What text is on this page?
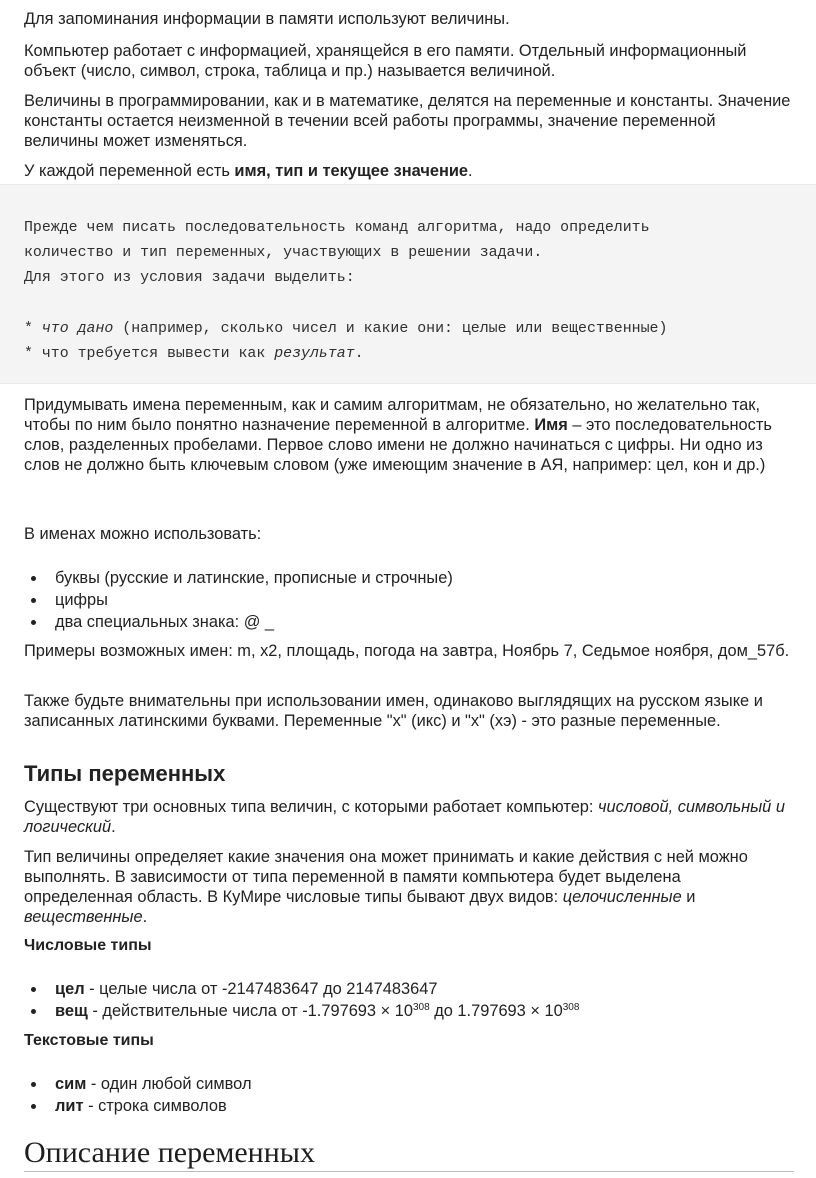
Для запоминания информации в памяти используют величины.

Компьютер работает с информацией, хранящейся в его памяти. Отдельный информационный объект (число, символ, строка, таблица и пр.) называется величиной.

Величины в программировании, как и в математике, делятся на переменные и константы. Значение константы остается неизменной в течении всей работы программы, значение переменной величины может изменяться.

У каждой переменной есть имя, тип и текущее значение.

Прежде чем писать последовательность команд алгоритма, надо определить
количество и тип переменных, участвующих в решении задачи.
Для этого из условия задачи выделить:
* что дано (например, сколько чисел и какие они: целые или вещественные)
* что требуется вывести как результат.

Придумывать имена переменным, как и самим алгоритмам, не обязательно, но желательно так, чтобы по ним было понятно назначение переменной в алгоритме. Имя – это последовательность слов, разделенных пробелами. Первое слово имени не должно начинаться с цифры. Ни одно из слов не должно быть ключевым словом (уже имеющим значение в АЯ, например: цел, кон и др.)

В именах можно использовать:

буквы (русские и латинские, прописные и строчные)
цифры
два специальных знака: @ _

Примеры возможных имен: m, x2, площадь, погода на завтра, Ноябрь 7, Седьмое ноября, дом_57б.

Также будьте внимательны при использовании имен, одинаково выглядящих на русском языке и записанных латинскими буквами. Переменные "x" (икс) и "х" (хэ) - это разные переменные.

Типы переменных

Существуют три основных типа величин, с которыми работает компьютер: числовой, символьный и логический.

Тип величины определяет какие значения она может принимать и какие действия с ней можно выполнять. В зависимости от типа переменной в памяти компьютера будет выделена определенная область. В КуМире числовые типы бывают двух видов: целочисленные и вещественные.

Числовые типы
цел - целые числа от -2147483647 до 2147483647
вещ - действительные числа от $-1.797693 \times 10^{308}$ до $1.797693 \times 10^{308}$
Текстовые типы
сим - один любой символ
лит - строка символов
Описание переменных
